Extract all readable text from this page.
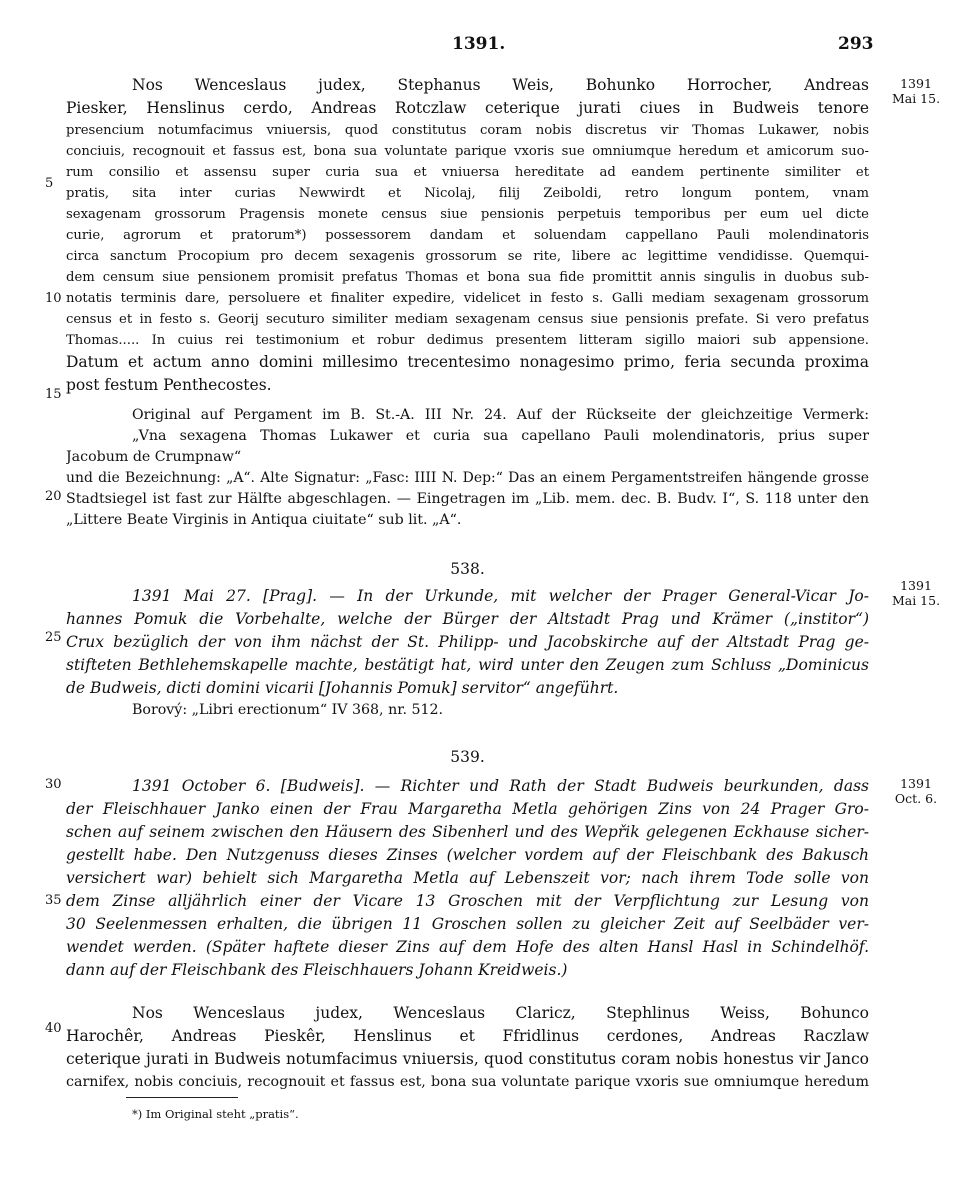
1391.	293
1391
Mai 15.
1391
Mai 15.
1391
Oct. 6.
5
10
15
20
25
30
35
40
Nos Wenceslaus judex, Stephanus Weis, Bohunko Horrocher, Andreas
Piesker, Henslinus cerdo, Andreas Rotczlaw ceterique jurati ciues in Budweis tenore
presencium notumfacimus vniuersis, quod constitutus coram nobis discretus vir Thomas Lukawer, nobis
conciuis, recognouit et fassus est, bona sua voluntate parique vxoris sue omniumque heredum et amicorum suo-
rum consilio et assensu super curia sua et vniuersa hereditate ad eandem pertinente similiter et
pratis, sita inter curias Newwirdt et Nicolaj, filij Zeiboldi, retro longum pontem, vnam
sexagenam grossorum Pragensis monete census siue pensionis perpetuis temporibus per eum uel dicte
curie, agrorum et pratorum*) possessorem dandam et soluendam cappellano Pauli molendinatoris
circa sanctum Procopium pro decem sexagenis grossorum se rite, libere ac legittime vendidisse. Quemqui-
dem censum siue pensionem promisit prefatus Thomas et bona sua fide promittit annis singulis in duobus sub-
notatis terminis dare, persoluere et finaliter expedire, videlicet in festo s. Galli mediam sexagenam grossorum
census et in festo s. Georij secuturo similiter mediam sexagenam census siue pensionis prefate. Si vero prefatus
Thomas..... In cuius rei testimonium et robur dedimus presentem litteram sigillo maiori sub appensione.
Datum et actum anno domini millesimo trecentesimo nonagesimo primo, feria secunda proxima
post festum Penthecostes.
Original auf Pergament im B. St.-A. III Nr. 24. Auf der Rückseite der gleichzeitige Vermerk:
„Vna sexagena Thomas Lukawer et curia sua capellano Pauli molendinatoris, prius super
Jacobum de Crumpnaw“
und die Bezeichnung: „A“. Alte Signatur: „Fasc: IIII N. Dep:“ Das an einem Pergamentstreifen hängende grosse
Stadtsiegel ist fast zur Hälfte abgeschlagen. — Eingetragen im „Lib. mem. dec. B. Budv. I“, S. 118 unter den
„Littere Beate Virginis in Antiqua ciuitate“ sub lit. „A“.
538.
1391 Mai 27. [Prag]. — In der Urkunde, mit welcher der Prager General-Vicar Jo-
hannes Pomuk die Vorbehalte, welche der Bürger der Altstadt Prag und Krämer („institor“)
Crux bezüglich der von ihm nächst der St. Philipp- und Jacobskirche auf der Altstadt Prag ge-
stifteten Bethlehemskapelle machte, bestätigt hat, wird unter den Zeugen zum Schluss „Dominicus
de Budweis, dicti domini vicarii [Johannis Pomuk] servitor“ angeführt.
Borový: „Libri erectionum“ IV 368, nr. 512.
539.
1391 October 6. [Budweis]. — Richter und Rath der Stadt Budweis beurkunden, dass
der Fleischhauer Janko einen der Frau Margaretha Metla gehörigen Zins von 24 Prager Gro-
schen auf seinem zwischen den Häusern des Sibenherl und des Wepřik gelegenen Eckhause sicher-
gestellt habe. Den Nutzgenuss dieses Zinses (welcher vordem auf der Fleischbank des Bakusch
versichert war) behielt sich Margaretha Metla auf Lebenszeit vor; nach ihrem Tode solle von
dem Zinse alljährlich einer der Vicare 13 Groschen mit der Verpflichtung zur Lesung von
30 Seelenmessen erhalten, die übrigen 11 Groschen sollen zu gleicher Zeit auf Seelbäder ver-
wendet werden. (Später haftete dieser Zins auf dem Hofe des alten Hansl Hasl in Schindelhöf.
dann auf der Fleischbank des Fleischhauers Johann Kreidweis.)
Nos Wenceslaus judex, Wenceslaus Claricz, Stephlinus Weiss, Bohunco
Harochêr, Andreas Pieskêr, Henslinus et Ffridlinus cerdones, Andreas Raczlaw
ceterique jurati in Budweis notumfacimus vniuersis, quod constitutus coram nobis honestus vir Janco
carnifex, nobis conciuis, recognouit et fassus est, bona sua voluntate parique vxoris sue omniumque heredum
*) Im Original steht „pratis“.
